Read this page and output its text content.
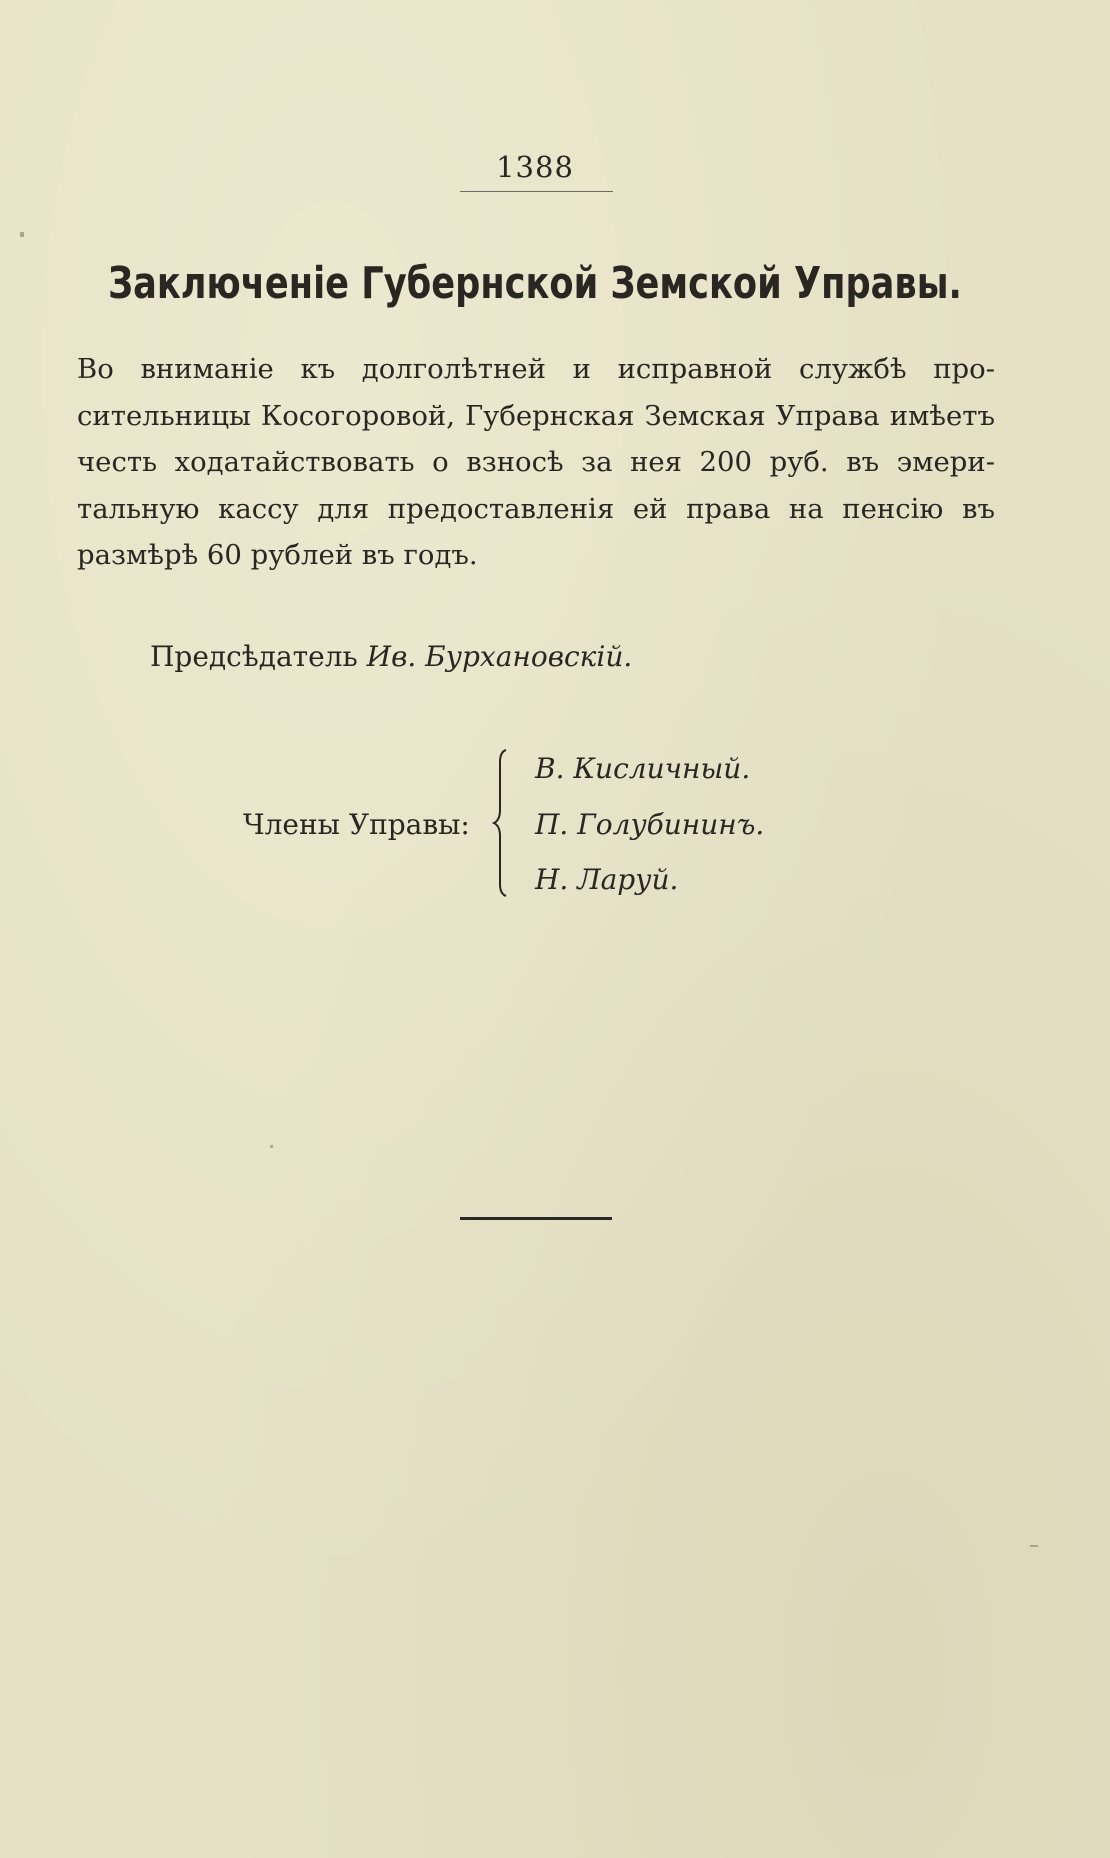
1388
Заключеніе Губернской Земской Управы.
Во вниманіе къ долголѣтней и исправной службѣ про-
сительницы Косогоровой, Губернская Земская Управа имѣетъ
честь ходатайствовать о взносѣ за нея 200 руб. въ эмери-
тальную кассу для предоставленія ей права на пенсію въ
размѣрѣ 60 рублей въ годъ.
Предсѣдатель Ив. Бурхановскій.
Члены Управы:
В. Кисличный.
П. Голубининъ.
Н. Ларуй.
